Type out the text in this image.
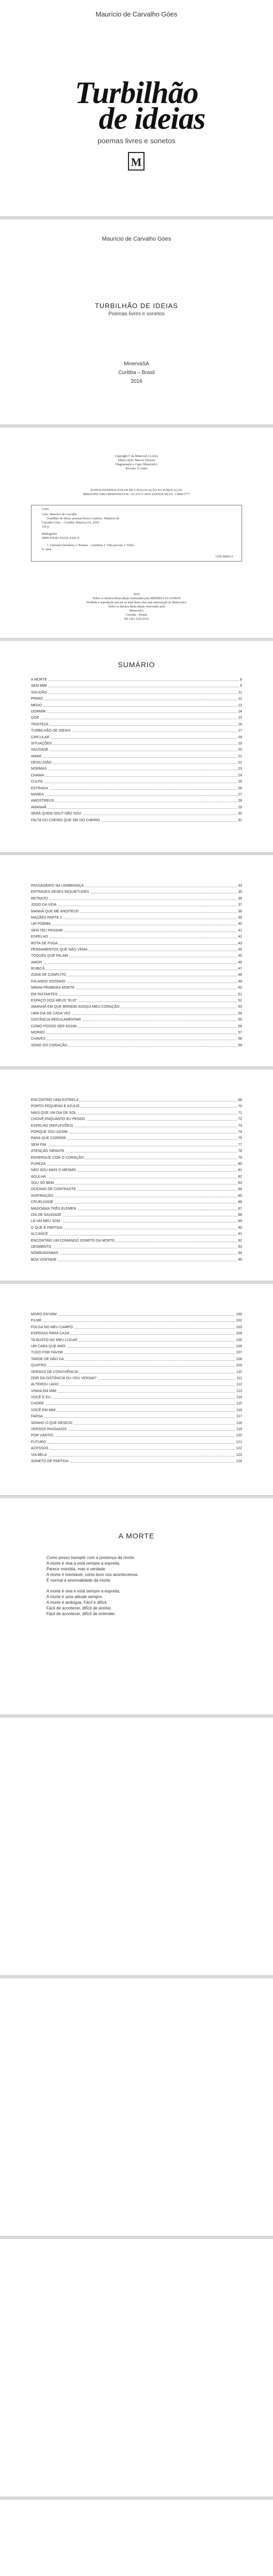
Maurício de Carvalho Góes
Turbilhão
de ideias
poemas livres e sonetos
M
Maurício de Carvalho Góes
TURBILHÃO DE IDEIAS
Poemas livres e sonetos
MinervaSA
Curitiba – Brasil
2016
Copyright © da MinervaSA Livros
Editor chefe: Marcos Oliveira
Diagramação e Capa: MinervaSA
Revisão: O Autor
DADOS INTERNACIONAIS DE CATALOGAÇÃO NA PUBLICAÇÃO
BIBLIOTECÁRIA RESPONSÁVEL: GLAUCY DOS SANTOS SILVA - CRB9/1777
G595
Góes, Maurício de Carvalho
Turbilhão de ideias: poemas livres e sonetos / Maurício de
Carvalho Góes. – Curitiba: Minerva SA, 2016.
126 p.
Bibliografia
ISBN 978-85-XXXX-XXX-X
1. Literatura brasileira 2. Poemas – coletânea 3. Vida pessoal. I. Título.
II. série.
CDD B869.11
2016
Todos os direitos desta edição reservados pela MINERVA SA LIVROS
Proibida a reprodução parcial ou total desta obra sem autorização da MinervaSA
Todos os direitos desta edição reservados pela
MinervaSA
Curitiba - Paraná
Tel: (41) 3225-0335
SUMÁRIO
A MORTE	8
SEM MIM	9
SOLIDÃO	11
PRIMO	12
MEDO	13
DORMIR	14
DOR	15
TRISTEZA	16
TURBILHÃO DE IDEIAS	17
CIRCULAR	18
SITUAÇÕES	19
SAUDADE	20
AMAR	21
DESILUSÃO	22
NORMAS	23
CHAMA	24
CULPA	25
ESTRADA	26
MAREA	27
AMOSTREUS	28
AMANHÃ	29
SERÁ QUEM SOU? NÃO SOU	30
FALTA DO CHEIRO QUE SEI DO CHEIRO	31
PASSAGEIRO NA LEMBRANÇA	33
ENTRAVES DESES INQUIETUDES	35
RETRATO	36
JOGO DA VIDA	37
MANHÃ QUE ME ANOITECE	38
MAÇÃES PARTE 2	39
UM POEMA	40
SEM TEU PENSAR	41
ESPELHO	42
ROTA DE FUGA	43
PENSAMENTOS QUE NÃO VEMA	44
TOQUES QUE FALAM	45
AMOR	46
RUBICÃ	47
ZONA DE CONFLITO	48
FALANDO SOZINHO	49
MINHA PRIMEIRA MORTE	50
EM INSTANTES	51
ESPAÇO DOS MEUS "EUS"	52
AMANHÃ EM QUE BRINDEI ASSIÇA MEU CORAÇÃO	53
UMA DIA DE CADA VEZ	54
DISTÂNCIA REGULAMENTAR	55
COMO POSSO SER ASSIM	56
MORRO	57
CHAVES	58
SONO DO CORAÇÃO	59
ENCONTREI UMA ESTRELA	68
PORTO PEQUENO E AZULIE	70
MAIS QUE UM DIA DE SOL	71
CHOVÊ ENQUANTO EU PENSO	72
ESPELHO (REFLEXÕES)	73
PORQUE SOU ASSIM	74
PARA QUE CORRER	75
SEM FIM	77
ATENÇÃO INFANTE	78
ENXERGUE COM O CORAÇÃO	79
PUREZA	80
NÃO SOU MAIS O MESMO	81
AGULHA	82
SOU SÓ BEM	83
OCEANO DE CONTRASTE	84
INSPIRAÇÃO	85
CRUELDADE	86
MAGOAMA TRÊS ELEMEN	87
DIA DE SAUDADE	88
LÁ VAI MEU SOM	89
O QUE É PARTIDA	90
ALCANCE	91
ENCONTREI UM COMANDO SONETO DA MORTE	92
DESMENTO	93
NOMEANDIMAS	94
BOA VONTADE	95
MORO EM MIM	100
FILME	102
FOLGA NO MEU CAMPO	103
ESPERAS PARA CASA	104
TA BUSTO NO MEU LUGAR	105
UM CARA QUE AMO	106
TUDO POR FAVOR	107
TARDE DE NÃO DA	108
QUATRO	109
VERSOS DE CONVIVÊNCIA	110
DOR DA DISTÂNCIA OU VOU VERSIA?	111
ALTEROU LADO	112
VINHA EM MIM	113
VOCÊ E EU	114
CHORE	115
VOCÊ EM MIM	116
FARSA	117
SONHO O QUE DESEJO	118
VERSOS PASSADOS	119
POR VÁRTIO	120
FUTURO	121
ACESSOS	122
VIA BELA	123
SONETO DE PARTIDA	124
A MORTE
Como posso transpôr com a presença da morte.
A morte é viva a está sempre a espreita.
Parece monótia, mas é verdade.
A morte é inevitável, como bom nos acontecemos.
É normal a anormalidade da morte.
A morte é viva e está sempre a espreita,
A morte é uma atitude sempre.
A morte é ambígua. Fácil e difícil.
Fácil de acontecer, difícil de aceitar.
Fácil de acontecer, difícil de entender.
